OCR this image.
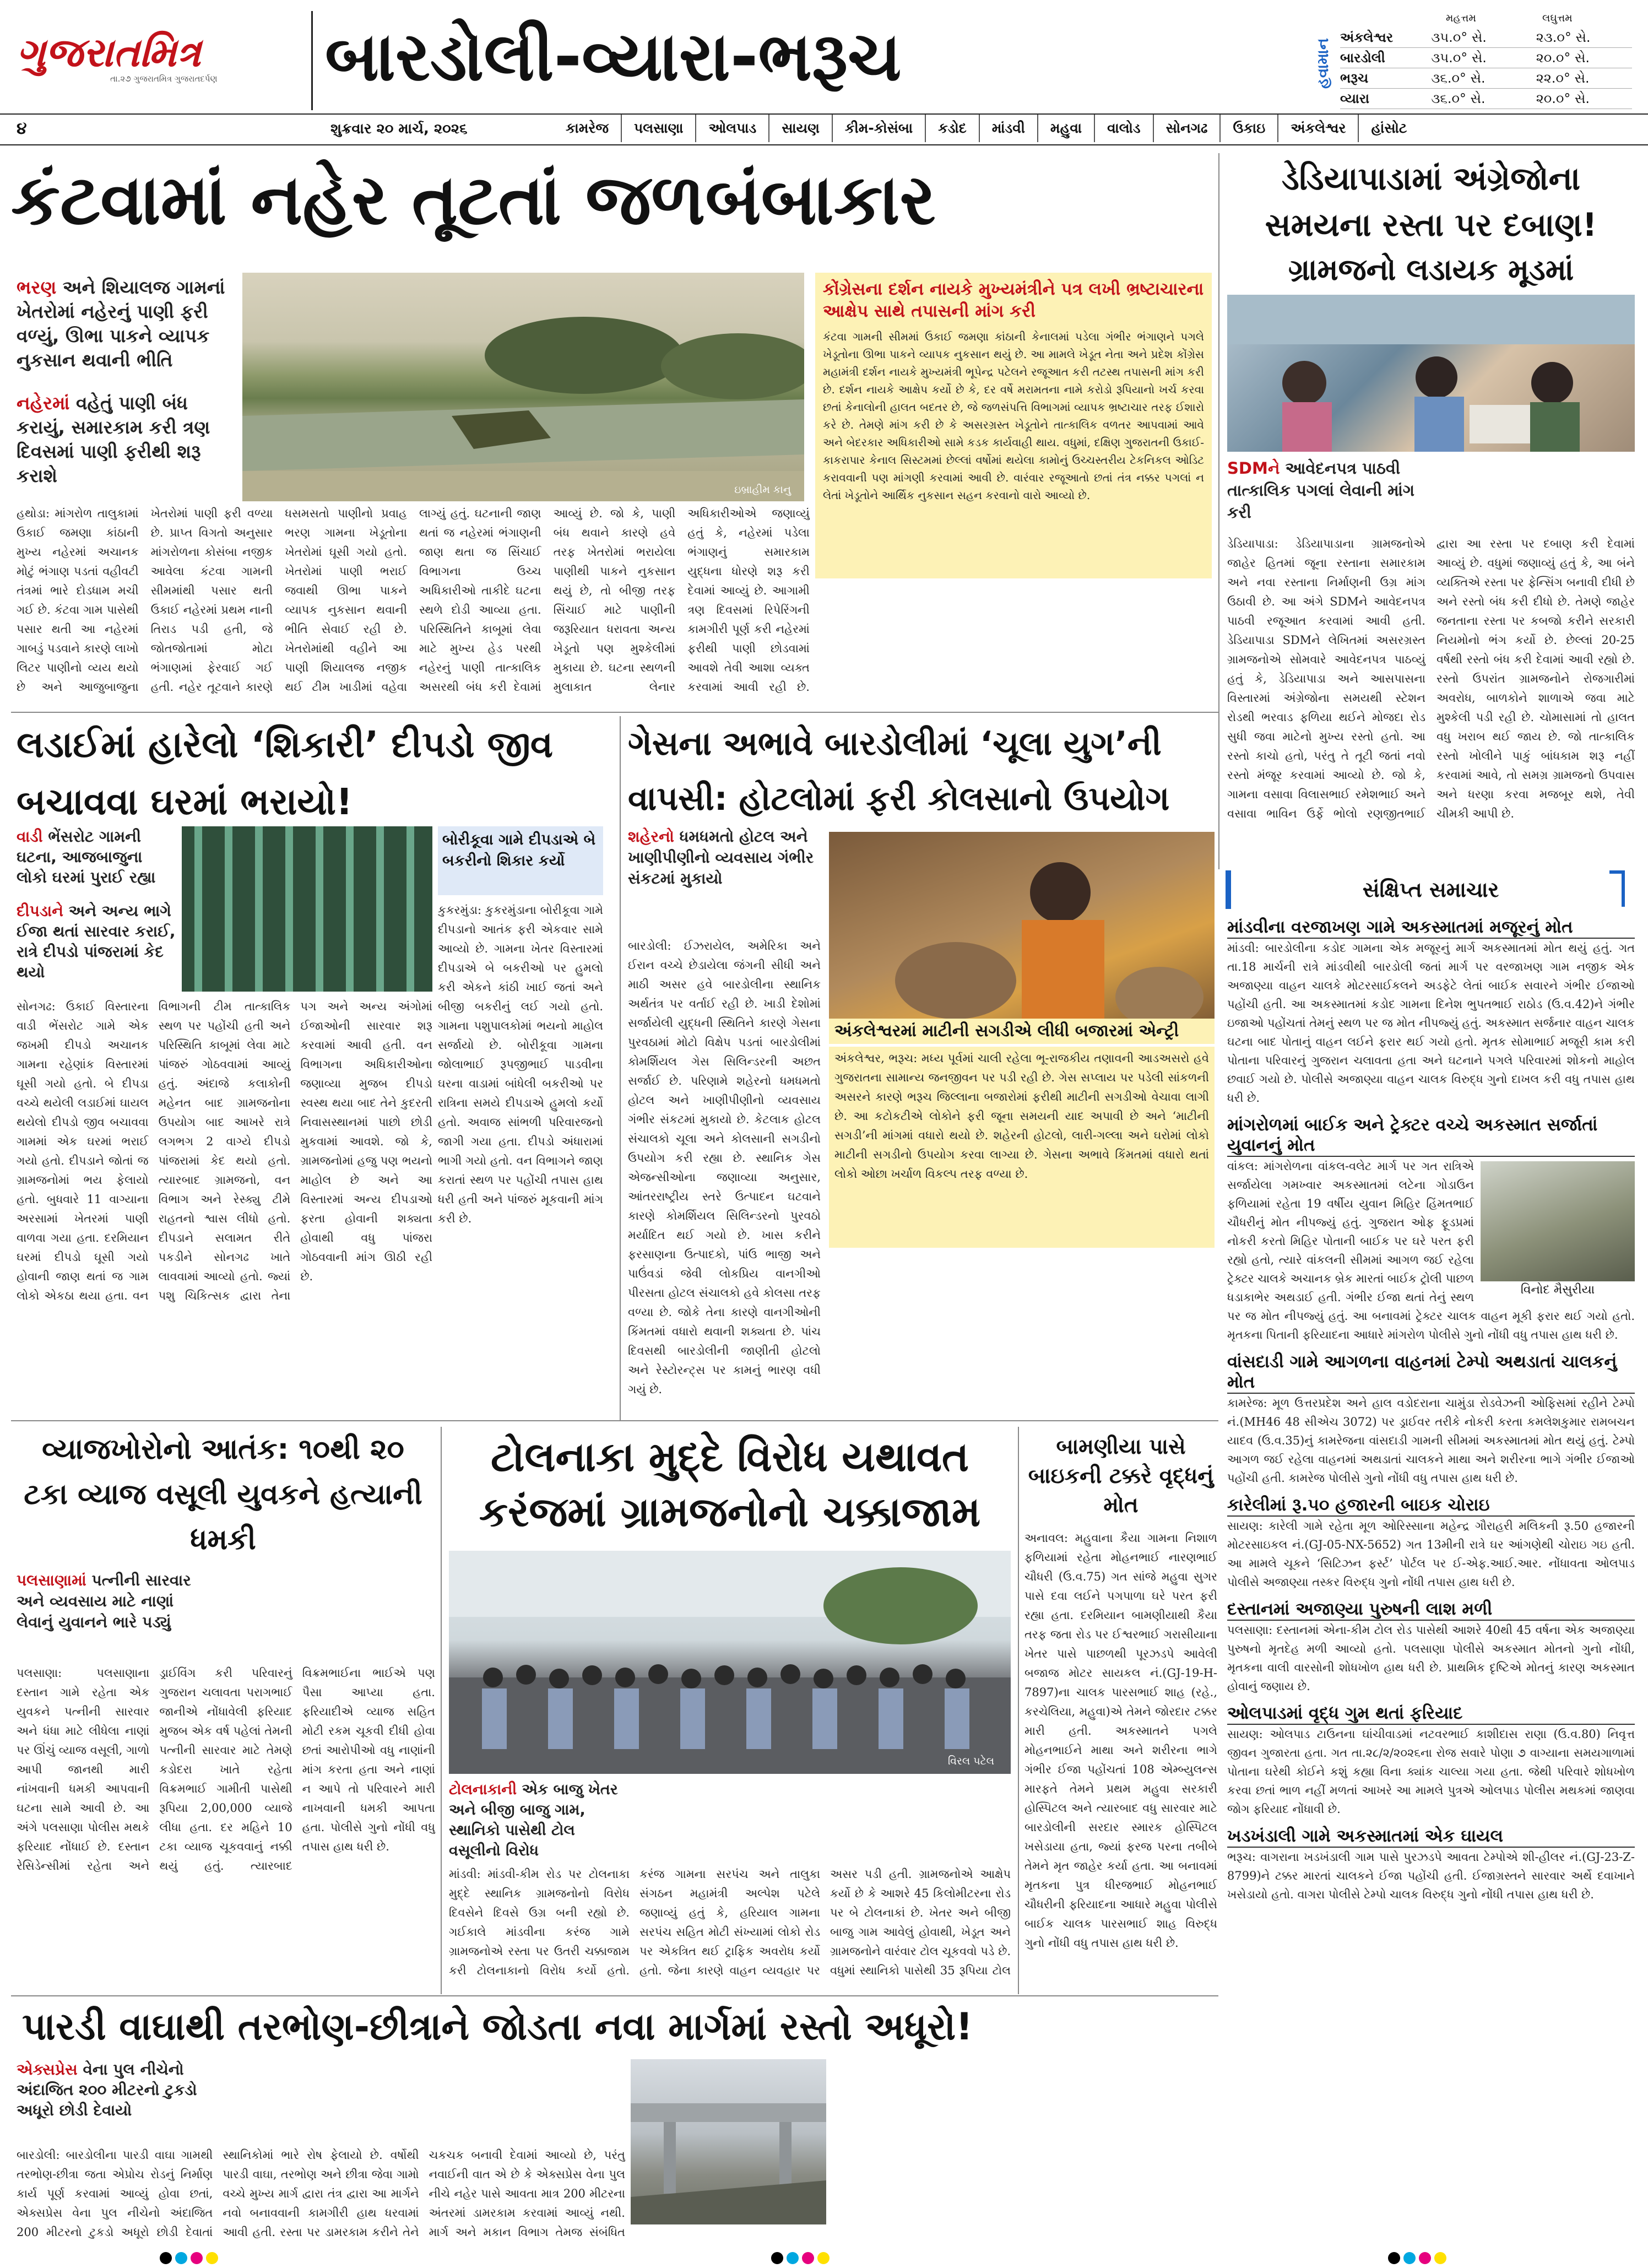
ગુજરાતમિત્ર
તા.૨૭ ગુજરાતમિત્ર ગુજરાતદર્પણ	બારડોલી-વ્યારા-ભરૂચ	હવામાન
મહત્તમ	લઘુત્તમ
અંકલેશ્વર	૩૫.૦° સે.	૨૩.૦° સે.
બારડોલી	૩૫.૦° સે.	૨૦.૦° સે.
ભરૂચ	૩૬.૦° સે.	૨૨.૦° સે.
વ્યારા	૩૬.૦° સે.	૨૦.૦° સે.
૪	શુક્રવાર ૨૦ માર્ચ, ૨૦૨૬	કામરેજ	પલસાણા	ઓલપાડ	સાયણ	કીમ-કોસંબા	કડોદ	માંડવી	મહુવા	વાલોડ	સોનગઢ	ઉકાઇ	અંકલેશ્વર	હાંસોટ
કંટવામાં નહેર તૂટતાં જળબંબાકાર
ભરણ અને શિયાલજ ગામનાં ખેતરોમાં નહેરનું પાણી ફરી વળ્યું, ઊભા પાકને વ્યાપક નુકસાન થવાની ભીતિ
નહેરમાં વહેતું પાણી બંધ કરાયું, સમારકામ કરી ત્રણ દિવસમાં પાણી ફરીથી શરૂ કરાશે
ઇબ્રાહીમ કાનુ
કોંગ્રેસના દર્શન નાયકે મુખ્યમંત્રીને પત્ર લખી ભ્રષ્ટાચારના આક્ષેપ સાથે તપાસની માંગ કરી
કંટવા ગામની સીમમાં ઉકાઈ જમણા કાંઠાની કેનાલમાં પડેલા ગંભીર ભંગાણને પગલે ખેડૂતોના ઊભા પાકને વ્યાપક નુકસાન થયું છે. આ મામલે ખેડૂત નેતા અને પ્રદેશ કોંગ્રેસ મહામંત્રી દર્શન નાયકે મુખ્યમંત્રી ભૂપેન્દ્ર પટેલને રજૂઆત કરી તટસ્થ તપાસની માંગ કરી છે. દર્શન નાયકે આક્ષેપ કર્યો છે કે, દર વર્ષે મરામતના નામે કરોડો રૂપિયાનો ખર્ચ કરવા છતાં કેનાલોની હાલત બદતર છે, જે જળસંપત્તિ વિભાગમાં વ્યાપક ભ્રષ્ટાચાર તરફ ઈશારો કરે છે. તેમણે માંગ કરી છે કે અસરગ્રસ્ત ખેડૂતોને તાત્કાલિક વળતર આપવામાં આવે અને બેદરકાર અધિકારીઓ સામે કડક કાર્યવાહી થાય. વધુમાં, દક્ષિણ ગુજરાતની ઉકાઈ-કાકરાપાર કેનાલ સિસ્ટમમાં છેલ્લાં વર્ષોમાં થયેલા કામોનું ઉચ્ચસ્તરીય ટેકનિકલ ઓડિટ કરાવવાની પણ માંગણી કરવામાં આવી છે. વારંવાર રજૂઆતો છતાં તંત્ર નક્કર પગલાં ન લેતાં ખેડૂતોને આર્થિક નુકસાન સહન કરવાનો વારો આવ્યો છે.
હથોડા: માંગરોળ તાલુકામાં ઉકાઈ જમણા કાંઠાની મુખ્ય નહેરમાં અચાનક મોટું ભંગાણ પડતાં વહીવટી તંત્રમાં ભારે દોડધામ મચી ગઈ છે. કંટવા ગામ પાસેથી પસાર થતી આ નહેરમાં ગાબડું પડવાને કારણે લાખો લિટર પાણીનો વ્યય થયો છે અને આજુબાજુના ખેતરોમાં પાણી ફરી વળ્યા છે. પ્રાપ્ત વિગતો અનુસાર માંગરોળના કોસંબા નજીક આવેલા કંટવા ગામની સીમમાંથી પસાર થતી ઉકાઈ નહેરમાં પ્રથમ નાની તિરાડ પડી હતી, જે જોતજોતામાં મોટા ભંગાણમાં ફેરવાઈ ગઈ હતી. નહેર તૂટવાને કારણે ધસમસતો પાણીનો પ્રવાહ ભરણ ગામના ખેડૂતોના ખેતરોમાં ઘૂસી ગયો હતો. ખેતરોમાં પાણી ભરાઈ જવાથી ઊભા પાકને વ્યાપક નુકસાન થવાની ભીતિ સેવાઈ રહી છે. ખેતરોમાંથી વહીને આ પાણી શિયાલજ નજીક થઈ ટીમ ખાડીમાં વહેવા લાગ્યું હતું. ઘટનાની જાણ થતાં જ નહેરમાં ભંગાણની જાણ થતા જ સિંચાઈ વિભાગના ઉચ્ચ અધિકારીઓ તાકીદે ઘટના સ્થળે દોડી આવ્યા હતા. પરિસ્થિતિને કાબૂમાં લેવા માટે મુખ્ય હેડ પરથી નહેરનું પાણી તાત્કાલિક અસરથી બંધ કરી દેવામાં આવ્યું છે. જો કે, પાણી બંધ થવાને કારણે હવે તરફ ખેતરોમાં ભરાયેલા પાણીથી પાકને નુકસાન થયું છે, તો બીજી તરફ સિંચાઈ માટે પાણીની જરૂરિયાત ધરાવતા અન્ય ખેડૂતો પણ મુશ્કેલીમાં મુકાયા છે. ઘટના સ્થળની મુલાકાત લેનાર અધિકારીઓએ જણાવ્યું હતું કે, નહેરમાં પડેલા ભંગાણનું સમારકામ યુદ્ધના ધોરણે શરૂ કરી દેવામાં આવ્યું છે. આગામી ત્રણ દિવસમાં રિપેરિંગની કામગીરી પૂર્ણ કરી નહેરમાં ફરીથી પાણી છોડવામાં આવશે તેવી આશા વ્યક્ત કરવામાં આવી રહી છે.
ડેડિયાપાડામાં અંગ્રેજોના સમયના રસ્તા પર દબાણ!
ગ્રામજનો લડાયક મૂડમાં
SDMને આવેદનપત્ર પાઠવી તાત્કાલિક પગલાં લેવાની માંગ કરી
ડેડિયાપાડા: ડેડિયાપાડાના ગ્રામજનોએ જાહેર હિતમાં જૂના રસ્તાના સમારકામ અને નવા રસ્તાના નિર્માણની ઉગ્ર માંગ ઉઠાવી છે. આ અંગે SDMને આવેદનપત્ર પાઠવી રજૂઆત કરવામાં આવી હતી. ડેડિયાપાડા SDMને લેખિતમાં અસરગ્રસ્ત ગ્રામજનોએ સોમવારે આવેદનપત્ર પાઠવ્યું હતું કે, ડેડિયાપાડા અને આસપાસના વિસ્તારમાં અંગ્રેજોના સમયથી સ્ટેશન રોડથી ભરવાડ ફળિયા થઈને મોજદા રોડ સુધી જવા માટેનો મુખ્ય રસ્તો હતો. આ રસ્તો કાચો હતો, પરંતુ તે તૂટી જતાં નવો રસ્તો મંજૂર કરવામાં આવ્યો છે. જો કે, ગામના વસાવા વિલાસભાઈ રમેશભાઈ અને વસાવા ભાવિન ઉર્ફે ભોલો રણજીતભાઈ દ્વારા આ રસ્તા પર દબાણ કરી દેવામાં આવ્યું છે. વધુમાં જણાવ્યું હતું કે, આ બંને વ્યક્તિએ રસ્તા પર ફેન્સિંગ બનાવી દીધી છે અને રસ્તો બંધ કરી દીધો છે. તેમણે જાહેર જનતાના રસ્તા પર કબજો કરીને સરકારી નિયમોનો ભંગ કર્યો છે. છેલ્લાં 20-25 વર્ષથી રસ્તો બંધ કરી દેવામાં આવી રહ્યો છે. રસ્તો ઉપરાંત ગ્રામજનોને રોજગારીમાં અવરોધ, બાળકોને શાળાએ જવા માટે મુશ્કેલી પડી રહી છે. ચોમાસામાં તો હાલત વધુ ખરાબ થઈ જાય છે. જો તાત્કાલિક રસ્તો ખોલીને પાકું બાંધકામ શરૂ નહીં કરવામાં આવે, તો સમગ્ર ગ્રામજનો ઉપવાસ અને ધરણા કરવા મજબૂર થશે, તેવી ચીમકી આપી છે.
લડાઈમાં હારેલો ‘શિકારી’ દીપડો જીવ બચાવવા ઘરમાં ભરાયો!
વાડી ભેંસરોટ ગામની ઘટના, આજબાજુના લોકો ઘરમાં પુરાઈ રહ્યા
દીપડાને અને અન્ય ભાગે ઈજા થતાં સારવાર કરાઈ, રાત્રે દીપડો પાંજરામાં કેદ થયો
બોરીકૂવા ગામે દીપડાએ બે બકરીનો શિકાર કર્યો
કુકરમુંડા: કુકરમુંડાના બોરીકૂવા ગામે દીપડાનો આતંક ફરી એકવાર સામે આવ્યો છે. ગામના ખેતર વિસ્તારમાં દીપડાએ બે બકરીઓ પર હુમલો કરી એકને કાંઠી ખાઈ જતાં અને બીજી બકરીનું લઈ ગયો હતો. ગામના પશુપાલકોમાં ભયનો માહોલ સર્જાયો છે. બોરીકૂવા ગામના જોલાભાઈ રૂપજીભાઈ પાડવીના ઘરના વાડામાં બાંધેલી બકરીઓ પર રાત્રિના સમયે દીપડાએ હુમલો કર્યો હતો. અવાજ સાંભળી પરિવારજનો જાગી ગયા હતા. દીપડો અંધારામાં ભાગી ગયો હતો. વન વિભાગને જાણ કરાતાં સ્થળ પર પહોંચી તપાસ હાથ ધરી હતી અને પાંજરું મૂકવાની માંગ કરી છે.
સોનગઢ: ઉકાઈ વિસ્તારના વાડી ભેંસરોટ ગામે એક જખમી દીપડો અચાનક ગામના રહેણાંક વિસ્તારમાં ઘૂસી ગયો હતો. બે દીપડા વચ્ચે થયેલી લડાઈમાં ઘાયલ થયેલો દીપડો જીવ બચાવવા ગામમાં એક ઘરમાં ભરાઈ ગયો હતો. દીપડાને જોતાં જ ગ્રામજનોમાં ભય ફેલાયો હતો. બુધવારે 11 વાગ્યાના અરસામાં ખેતરમાં પાણી વાળવા ગયા હતા. દરમિયાન ઘરમાં દીપડો ઘૂસી ગયો હોવાની જાણ થતાં જ ગામ લોકો એકઠા થયા હતા. વન વિભાગની ટીમ તાત્કાલિક સ્થળ પર પહોંચી હતી અને પરિસ્થિતિ કાબૂમાં લેવા માટે પાંજરું ગોઠવવામાં આવ્યું હતું. અંદાજે કલાકોની મહેનત બાદ ગ્રામજનોના ઉપયોગ બાદ આખરે રાત્રે લગભગ 2 વાગ્યે દીપડો પાંજરામાં કેદ થયો હતો. ત્યારબાદ ગ્રામજનો, વન વિભાગ અને રેસ્ક્યુ ટીમે રાહતનો શ્વાસ લીધો હતો. દીપડાને સલામત રીતે પકડીને સોનગઢ ખાતે લાવવામાં આવ્યો હતો. જ્યાં પશુ ચિકિત્સક દ્વારા તેના પગ અને અન્ય અંગોમાં ઈજાઓની સારવાર શરૂ કરવામાં આવી હતી. વન વિભાગના અધિકારીઓના જણાવ્યા મુજબ દીપડો સ્વસ્થ થયા બાદ તેને કુદરતી નિવાસસ્થાનમાં પાછો છોડી મુકવામાં આવશે. જો કે, ગ્રામજનોમાં હજુ પણ ભયનો માહોલ છે અને આ વિસ્તારમાં અન્ય દીપડાઓ ફરતા હોવાની શક્યતા હોવાથી વધુ પાંજરા ગોઠવવાની માંગ ઊઠી રહી છે.
ગેસના અભાવે બારડોલીમાં ‘ચૂલા યુગ’ની વાપસી: હોટલોમાં ફરી કોલસાનો ઉપયોગ
શહેરનો ધમધમતો હોટલ અને ખાણીપીણીનો વ્યવસાય ગંભીર સંકટમાં મુકાયો
અંકલેશ્વરમાં માટીની સગડીએ લીધી બજારમાં એન્ટ્રી
અંકલેશ્વર, ભરૂચ: મધ્ય પૂર્વમાં ચાલી રહેલા ભૂ-રાજકીય તણાવની આડઅસરો હવે ગુજરાતના સામાન્ય જનજીવન પર પડી રહી છે. ગેસ સપ્લાય પર પડેલી સાંકળની અસરને કારણે ભરૂચ જિલ્લાના બજારોમાં ફરીથી માટીની સગડીઓ વેચાવા લાગી છે. આ કટોકટીએ લોકોને ફરી જૂના સમયની યાદ અપાવી છે અને ‘માટીની સગડી’ની માંગમાં વધારો થયો છે. શહેરની હોટલો, લારી-ગલ્લા અને ઘરોમાં લોકો માટીની સગડીનો ઉપયોગ કરવા લાગ્યા છે. ગેસના અભાવે કિંમતમાં વધારો થતાં લોકો ઓછા ખર્ચાળ વિકલ્પ તરફ વળ્યા છે.
બારડોલી: ઈઝરાયેલ, અમેરિકા અને ઈરાન વચ્ચે છેડાયેલા જંગની સીધી અને માઠી અસર હવે બારડોલીના સ્થાનિક અર્થતંત્ર પર વર્તાઈ રહી છે. ખાડી દેશોમાં સર્જાયેલી યુદ્ધની સ્થિતિને કારણે ગેસના પુરવઠામાં મોટો વિક્ષેપ પડતાં બારડોલીમાં કોમર્શિયલ ગેસ સિલિન્ડરની અછત સર્જાઈ છે. પરિણામે શહેરનો ધમધમતો હોટલ અને ખાણીપીણીનો વ્યવસાય ગંભીર સંકટમાં મુકાયો છે. કેટલાક હોટલ સંચાલકો ચૂલા અને કોલસાની સગડીનો ઉપયોગ કરી રહ્યા છે. સ્થાનિક ગેસ એજન્સીઓના જણાવ્યા અનુસાર, આંતરરાષ્ટ્રીય સ્તરે ઉત્પાદન ઘટવાને કારણે કોમર્શિયલ સિલિન્ડરનો પુરવઠો મર્યાદિત થઈ ગયો છે. ખાસ કરીને ફરસાણના ઉત્પાદકો, પાંઉ ભાજી અને પાઉંવડાં જેવી લોકપ્રિય વાનગીઓ પીરસતા હોટલ સંચાલકો હવે કોલસા તરફ વળ્યા છે. જોકે તેના કારણે વાનગીઓની કિંમતમાં વધારો થવાની શક્યતા છે. પાંચ દિવસથી બારડોલીની જાણીતી હોટલો અને રેસ્ટોરન્ટ્સ પર કામનું ભારણ વધી ગયું છે.
વ્યાજખોરોનો આતંક: ૧૦થી ૨૦ ટકા વ્યાજ વસૂલી યુવકને હત્યાની ધમકી
પલસાણામાં પત્નીની સારવાર અને વ્યવસાય માટે નાણાં લેવાનું યુવાનને ભારે પડ્યું
પલસાણા: પલસાણાના દસ્તાન ગામે રહેતા એક યુવકને પત્નીની સારવાર અને ધંધા માટે લીધેલા નાણાં પર ઊંચું વ્યાજ વસૂલી, ગાળો આપી જાનથી મારી નાંખવાની ધમકી આપવાની ઘટના સામે આવી છે. આ અંગે પલસાણા પોલીસ મથકે ફરિયાદ નોંધાઈ છે. દસ્તાન રેસિડેન્સીમાં રહેતા અને ડ્રાઈવિંગ કરી પરિવારનું ગુજરાન ચલાવતા પરાગભાઈ જાનીએ નોંધાવેલી ફરિયાદ મુજબ એક વર્ષ પહેલાં તેમની પત્નીની સારવાર માટે તેમણે કડોદરા ખાતે રહેતા વિક્રમભાઈ ગામીતી પાસેથી રૂપિયા 2,00,000 વ્યાજે લીધા હતા. દર મહિને 10 ટકા વ્યાજ ચૂકવવાનું નક્કી થયું હતું. ત્યારબાદ વિક્રમભાઈના ભાઈએ પણ પૈસા આપ્યા હતા. ફરિયાદીએ વ્યાજ સહિત મોટી રકમ ચૂકવી દીધી હોવા છતાં આરોપીઓ વધુ નાણાંની માંગ કરતા હતા અને નાણાં ન આપે તો પરિવારને મારી નાખવાની ધમકી આપતા હતા. પોલીસે ગુનો નોંધી વધુ તપાસ હાથ ધરી છે.
ટોલનાકા મુદ્દે વિરોધ યથાવત કરંજમાં ગ્રામજનોનો ચક્કાજામ
વિરલ પટેલ
ટોલનાકાની એક બાજુ ખેતર અને બીજી બાજુ ગામ, સ્થાનિકો પાસેથી ટોલ વસૂલીનો વિરોધ
માંડવી: માંડવી-કીમ રોડ પર ટોલનાકા મુદ્દે સ્થાનિક ગ્રામજનોનો વિરોધ દિવસેને દિવસે ઉગ્ર બની રહ્યો છે. ગઈકાલે માંડવીના કરંજ ગામે ગ્રામજનોએ રસ્તા પર ઉતરી ચક્કાજામ કરી ટોલનાકાનો વિરોધ કર્યો હતો. કરંજ ગામના સરપંચ અને તાલુકા સંગઠન મહામંત્રી અલ્પેશ પટેલે જણાવ્યું હતું કે, હરિયાલ ગામના સરપંચ સહિત મોટી સંખ્યામાં લોકો રોડ પર એકત્રિત થઈ ટ્રાફિક અવરોધ કર્યો હતો. જેના કારણે વાહન વ્યવહાર પર અસર પડી હતી. ગ્રામજનોએ આક્ષેપ કર્યો છે કે આશરે 45 કિલોમીટરના રોડ પર બે ટોલનાકાં છે. ખેતર અને બીજી બાજુ ગામ આવેલું હોવાથી, ખેડૂત અને ગ્રામજનોને વારંવાર ટોલ ચૂકવવો પડે છે. વધુમાં સ્થાનિકો પાસેથી 35 રૂપિયા ટોલ
બામણીયા પાસે બાઇકની ટક્કરે વૃદ્ધનું મોત
અનાવલ: મહુવાના કૈયા ગામના નિશાળ ફળિયામાં રહેતા મોહનભાઈ નારણભાઈ ચૌધરી (ઉ.વ.75) ગત સાંજે મહુવા સુગર પાસે દવા લઈને પગપાળા ઘરે પરત ફરી રહ્યા હતા. દરમિયાન બામણીયાથી કૈયા તરફ જતા રોડ પર ઈશ્વરભાઈ ગરાસીયાના ખેતર પાસે પાછળથી પૂરઝડપે આવેલી બજાજ મોટર સાયકલ નં.(GJ-19-H-7897)ના ચાલક પારસભાઈ શાહ (રહે., કરચેલિયા, મહુવા)એ તેમને જોરદાર ટક્કર મારી હતી. અકસ્માતને પગલે મોહનભાઈને માથા અને શરીરના ભાગે ગંભીર ઈજા પહોંચતાં 108 એમ્બ્યુલન્સ મારફતે તેમને પ્રથમ મહુવા સરકારી હોસ્પિટલ અને ત્યારબાદ વધુ સારવાર માટે બારડોલીની સરદાર સ્મારક હોસ્પિટલ ખસેડાયા હતા, જ્યાં ફરજ પરના તબીબે તેમને મૃત જાહેર કર્યા હતા. આ બનાવમાં મૃતકના પુત્ર ધીરજભાઈ મોહનભાઈ ચૌધરીની ફરિયાદના આધારે મહુવા પોલીસે બાઈક ચાલક પારસભાઈ શાહ વિરુદ્ધ ગુનો નોંધી વધુ તપાસ હાથ ધરી છે.
પારડી વાઘાથી તરભોણ-છીત્રાને જોડતા નવા માર્ગમાં રસ્તો અધૂરો!
એક્સપ્રેસ વેના પુલ નીચેનો અંદાજિત ૨૦૦ મીટરનો ટુકડો અધૂરો છોડી દેવાયો
બારડોલી: બારડોલીના પારડી વાઘા ગામથી તરભોણ-છીત્રા જતા એપ્રોચ રોડનું નિર્માણ કાર્ય પૂર્ણ કરવામાં આવ્યું હોવા છતાં, એક્સપ્રેસ વેના પુલ નીચેનો અંદાજિત 200 મીટરનો ટુકડો અધૂરો છોડી દેવાતાં સ્થાનિકોમાં ભારે રોષ ફેલાયો છે. વર્ષોથી પારડી વાઘા, તરભોણ અને છીત્રા જેવા ગામો વચ્ચે મુખ્ય માર્ગ દ્વારા તંત્ર દ્વારા આ માર્ગને નવો બનાવવાની કામગીરી હાથ ધરવામાં આવી હતી. રસ્તા પર ડામરકામ કરીને તેને ચકચક બનાવી દેવામાં આવ્યો છે, પરંતુ નવાઈની વાત એ છે કે એક્સપ્રેસ વેના પુલ નીચે નહેર પાસે આવતા માત્ર 200 મીટરના અંતરમાં ડામરકામ કરવામાં આવ્યું નથી. માર્ગ અને મકાન વિભાગ તેમજ સંબંધિત
સંક્ષિપ્ત સમાચાર
માંડવીના વરજાખણ ગામે અકસ્માતમાં મજૂરનું મોત
માંડવી: બારડોલીના કડોદ ગામના એક મજૂરનું માર્ગ અકસ્માતમાં મોત થયું હતું. ગત તા.18 માર્ચની રાત્રે માંડવીથી બારડોલી જતાં માર્ગ પર વરજાખણ ગામ નજીક એક અજાણ્યા વાહન ચાલકે મોટરસાઈકલને અડફેટે લેતાં બાઈક સવારને ગંભીર ઈજાઓ પહોંચી હતી. આ અકસ્માતમાં કડોદ ગામના દિનેશ ભુપતભાઈ રાઠોડ (ઉ.વ.42)ને ગંભીર ઇજાઓ પહોંચતાં તેમનું સ્થળ પર જ મોત નીપજ્યું હતું. અકસ્માત સર્જનાર વાહન ચાલક ઘટના બાદ પોતાનું વાહન લઈને ફરાર થઈ ગયો હતો. મૃતક સોમાભાઈ મજૂરી કામ કરી પોતાના પરિવારનું ગુજરાન ચલાવતા હતા અને ઘટનાને પગલે પરિવારમાં શોકનો માહોલ છવાઈ ગયો છે. પોલીસે અજાણ્યા વાહન ચાલક વિરુદ્ધ ગુનો દાખલ કરી વધુ તપાસ હાથ ધરી છે.
માંગરોળમાં બાઈક અને ટ્રેક્ટર વચ્ચે અકસ્માત સર્જાતાં યુવાનનું મોત
વિનોદ મૈસુરીયા
વાંકલ: માંગરોળના વાંકલ-વલેટ માર્ગ પર ગત રાત્રિએ સર્જાયેલા ગમખ્વાર અકસ્માતમાં લટેના ગોડાઉન ફળિયામાં રહેતા 19 વર્ષીય યુવાન મિહિર હિંમતભાઈ ચૌધરીનું મોત નીપજ્યું હતું. ગુજરાત ઓફ ફૂડપ્રમાં નોકરી કરતો મિહિર પોતાની બાઈક પર ઘરે પરત ફરી રહ્યો હતો, ત્યારે વાંકલની સીમમાં આગળ જઈ રહેલા ટ્રેક્ટર ચાલકે અચાનક બ્રેક મારતાં બાઈક ટ્રોલી પાછળ ધડાકાભેર અથડાઈ હતી. ગંભીર ઈજા થતાં તેનું સ્થળ પર જ મોત નીપજ્યું હતું. આ બનાવમાં ટ્રેક્ટર ચાલક વાહન મૂકી ફરાર થઈ ગયો હતો. મૃતકના પિતાની ફરિયાદના આધારે માંગરોળ પોલીસે ગુનો નોંધી વધુ તપાસ હાથ ધરી છે.
વાંસદાડી ગામે આગળના વાહનમાં ટેમ્પો અથડાતાં ચાલકનું મોત
કામરેજ: મૂળ ઉત્તરપ્રદેશ અને હાલ વડોદરાના ચામુંડા રોડવેઝની ઓફિસમાં રહીને ટેમ્પો નં.(MH46 48 સીએચ 3072) પર ડ્રાઈવર તરીકે નોકરી કરતા કમલેશકુમાર રામબચન યાદવ (ઉ.વ.35)નું કામરેજના વાંસદાડી ગામની સીમમાં અકસ્માતમાં મોત થયું હતું. ટેમ્પો આગળ જઈ રહેલા વાહનમાં અથડાતાં ચાલકને માથા અને શરીરના ભાગે ગંભીર ઈજાઓ પહોંચી હતી. કામરેજ પોલીસે ગુનો નોંધી વધુ તપાસ હાથ ધરી છે.
કારેલીમાં રૂ.૫૦ હજારની બાઇક ચોરાઇ
સાયણ: કારેલી ગામે રહેતા મૂળ ઓરિસ્સાના મહેન્દ્ર ગૌરાહરી મલિકની રૂ.50 હજારની મોટરસાઇકલ નં.(GJ-05-NX-5652) ગત 13મીની રાત્રે ઘર આંગણેથી ચોરાઇ ગઇ હતી. આ મામલે ચૂકને ‘સિટિઝન ફર્સ્ટ’ પોર્ટલ પર ઈ-એફ.આઈ.આર. નોંધાવતા ઓલપાડ પોલીસે અજાણ્યા તસ્કર વિરુદ્ધ ગુનો નોંધી તપાસ હાથ ધરી છે.
દસ્તાનમાં અજાણ્યા પુરુષની લાશ મળી
પલસાણા: દસ્તાનમાં એના-કીમ ટોલ રોડ પાસેથી આશરે 40થી 45 વર્ષના એક અજાણ્યા પુરુષનો મૃતદેહ મળી આવ્યો હતો. પલસાણા પોલીસે અકસ્માત મોતનો ગુનો નોંધી, મૃતકના વાલી વારસોની શોધખોળ હાથ ધરી છે. પ્રાથમિક દૃષ્ટિએ મોતનું કારણ અકસ્માત હોવાનું જણાય છે.
ઓલપાડમાં વૃદ્ધ ગુમ થતાં ફરિયાદ
સાયણ: ઓલપાડ ટાઉનના ઘાંચીવાડમાં નટવરભાઈ કાશીદાસ રાણા (ઉ.વ.80) નિવૃત્ત જીવન ગુજારતા હતા. ગત તા.૨૮/૨/૨૦૨૬ના રોજ સવારે પોણા ૭ વાગ્યાના સમયગાળામાં પોતાના ઘરેથી કોઈને કશું કહ્યા વિના ક્યાંક ચાલ્યા ગયા હતા. જેથી પરિવારે શોધખોળ કરવા છતાં ભાળ નહીં મળતાં આખરે આ મામલે પુત્રએ ઓલપાડ પોલીસ મથકમાં જાણવા જોગ ફરિયાદ નોંધાવી છે.
ખડખંડાલી ગામે અકસ્માતમાં એક ઘાયલ
ભરૂચ: વાગરાના ખડખંડાલી ગામ પાસે પુરઝડપે આવતા ટેમ્પોએ શી-હીલર નં.(GJ-23-Z-8799)ને ટક્કર મારતાં ચાલકને ઈજા પહોંચી હતી. ઈજાગ્રસ્તને સારવાર અર્થે દવાખાને ખસેડાયો હતો. વાગરા પોલીસે ટેમ્પો ચાલક વિરુદ્ધ ગુનો નોંધી તપાસ હાથ ધરી છે.
